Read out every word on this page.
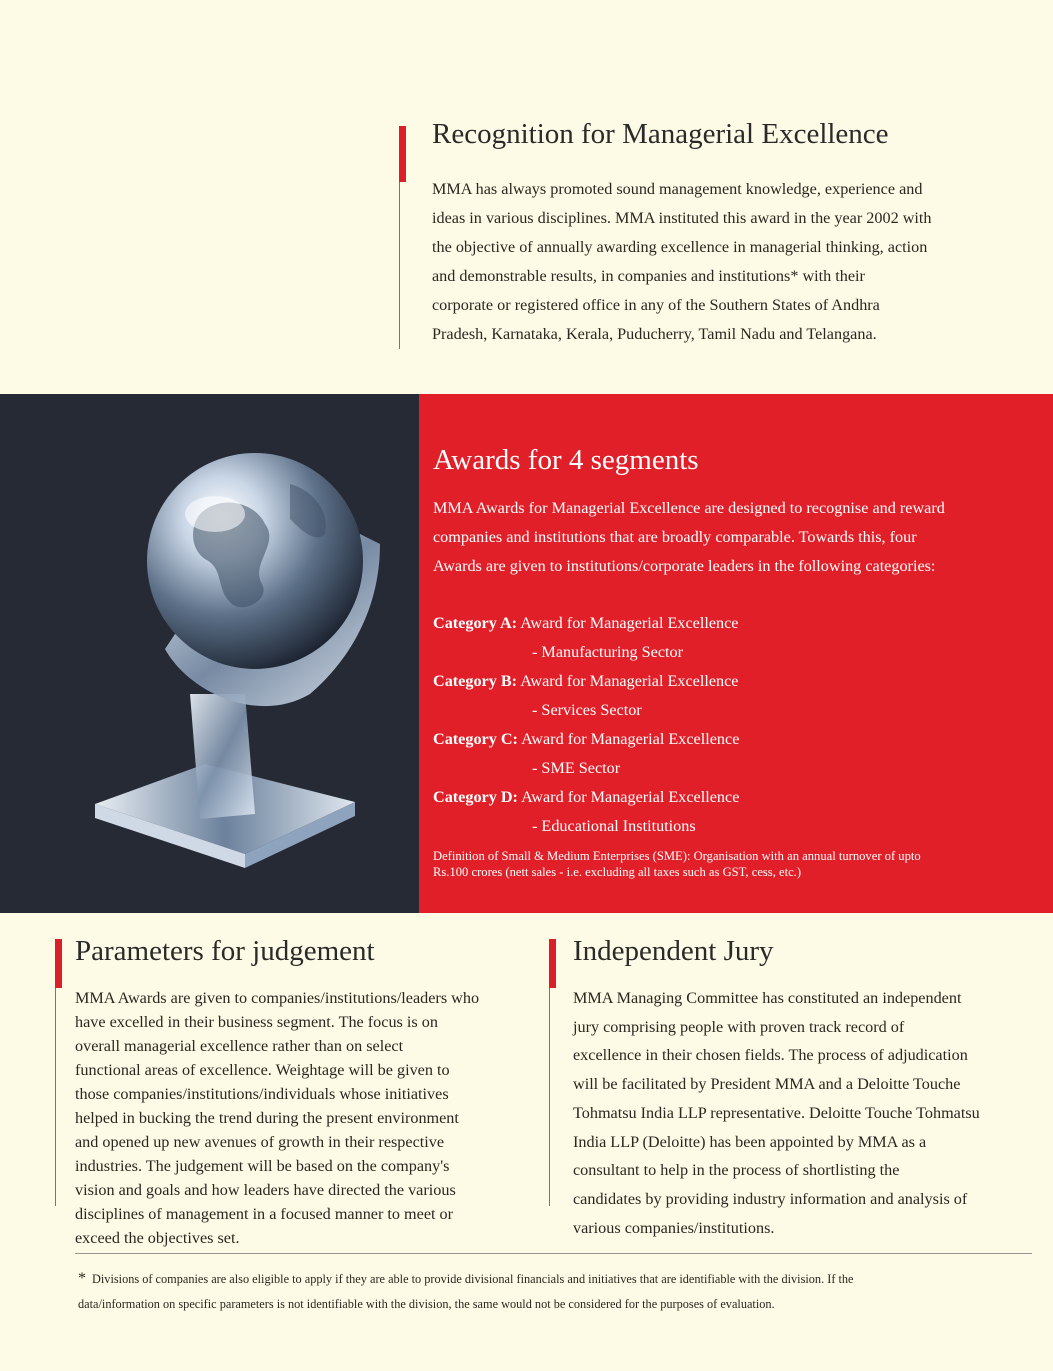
Recognition for Managerial Excellence

MMA has always promoted sound management knowledge, experience and

ideas in various disciplines. MMA instituted this award in the year 2002 with

the objective of annually awarding excellence in managerial thinking, action

and demonstrable results, in companies and institutions* with their

corporate or registered office in any of the Southern States of Andhra

Pradesh, Karnataka, Kerala, Puducherry, Tamil Nadu and Telangana.

Awards for 4 segments

MMA Awards for Managerial Excellence are designed to recognise and reward

companies and institutions that are broadly comparable. Towards this, four

Awards are given to institutions/corporate leaders in the following categories:

Category A: Award for Managerial Excellence
- Manufacturing Sector
Category B: Award for Managerial Excellence
- Services Sector
Category C: Award for Managerial Excellence
- SME Sector
Category D: Award for Managerial Excellence
- Educational Institutions

Definition of Small & Medium Enterprises (SME): Organisation with an annual turnover of upto

Rs.100 crores (nett sales - i.e. excluding all taxes such as GST, cess, etc.)

Parameters for judgement

MMA Awards are given to companies/institutions/leaders who

have excelled in their business segment. The focus is on

overall managerial excellence rather than on select

functional areas of excellence. Weightage will be given to

those companies/institutions/individuals whose initiatives

helped in bucking the trend during the present environment

and opened up new avenues of growth in their respective

industries. The judgement will be based on the company's

vision and goals and how leaders have directed the various

disciplines of management in a focused manner to meet or

exceed the objectives set.

Independent Jury

MMA Managing Committee has constituted an independent

jury comprising people with proven track record of

excellence in their chosen fields. The process of adjudication

will be facilitated by President MMA and a Deloitte Touche

Tohmatsu India LLP representative. Deloitte Touche Tohmatsu

India LLP (Deloitte) has been appointed by MMA as a

consultant to help in the process of shortlisting the

candidates by providing industry information and analysis of

various companies/institutions.

* Divisions of companies are also eligible to apply if they are able to provide divisional financials and initiatives that are identifiable with the division. If the

data/information on specific parameters is not identifiable with the division, the same would not be considered for the purposes of evaluation.
